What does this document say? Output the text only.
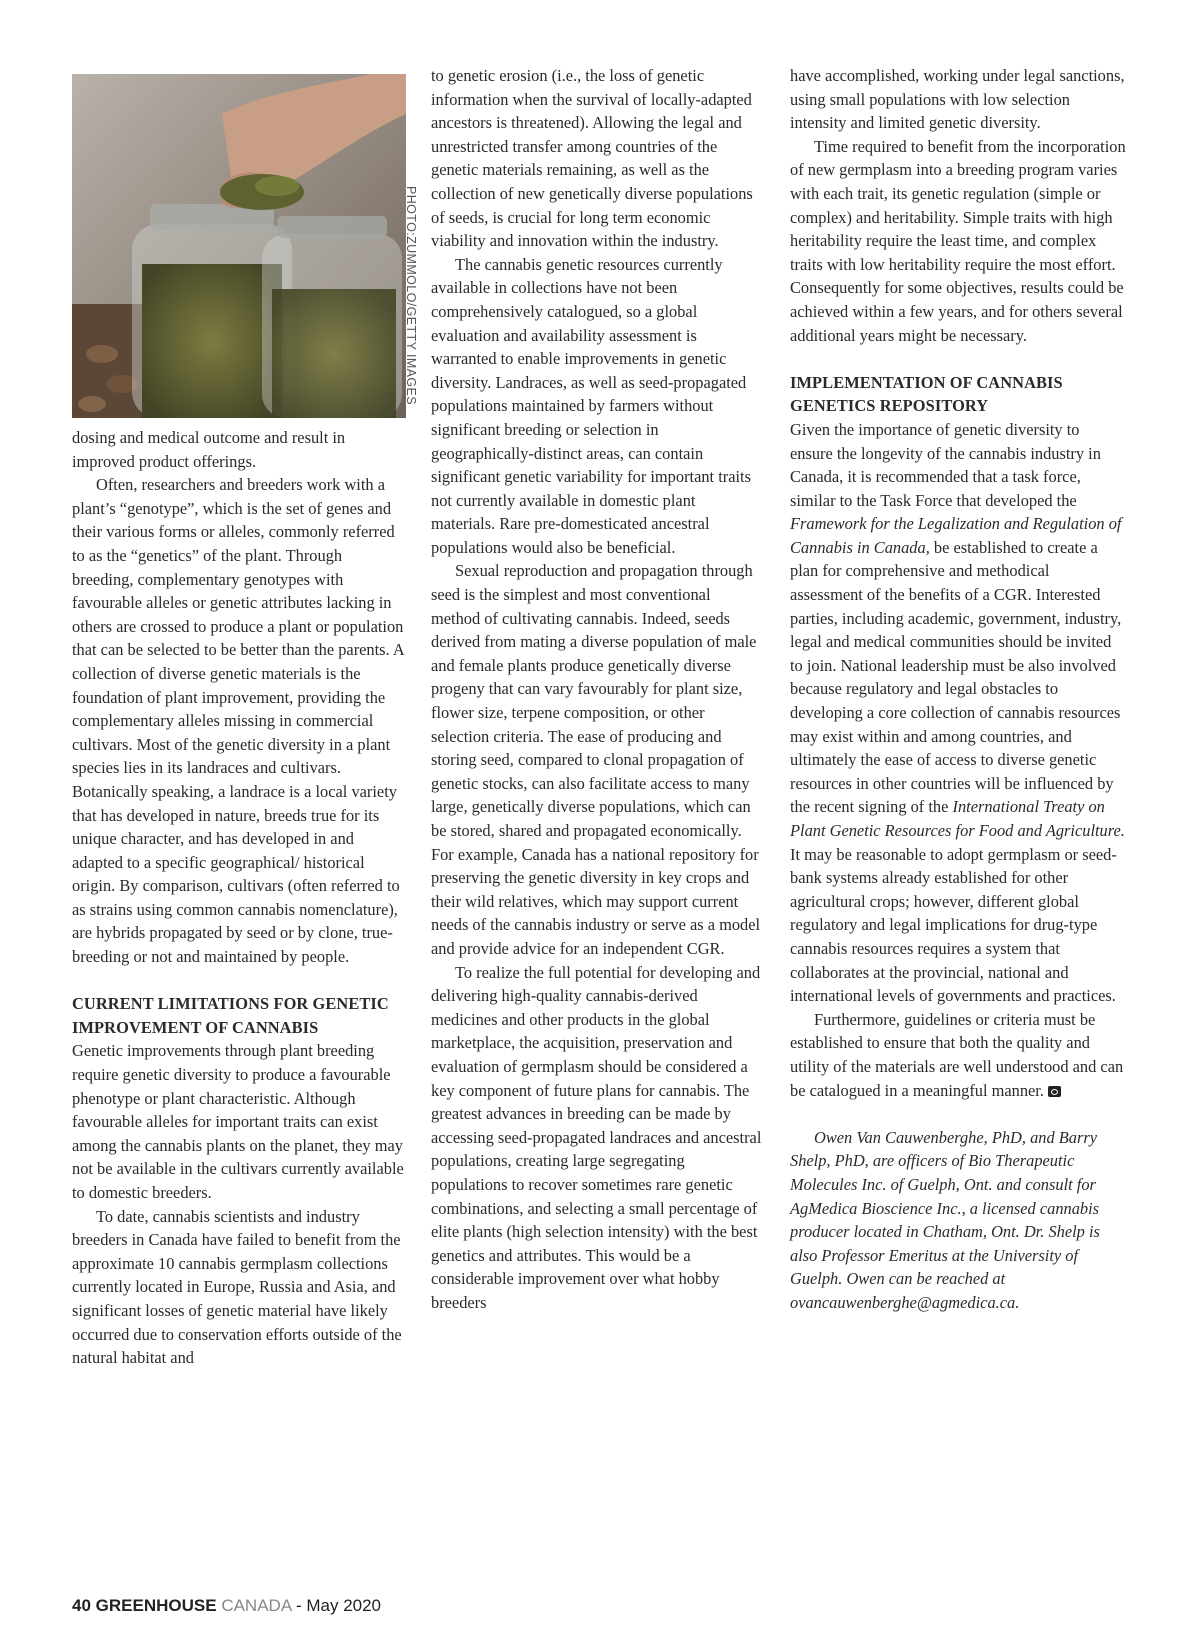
dosing and medical outcome and result in improved product offerings.

Often, researchers and breeders work with a plant’s “genotype”, which is the set of genes and their various forms or alleles, commonly referred to as the “genetics” of the plant. Through breeding, complementary genotypes with favourable alleles or genetic attributes lacking in others are crossed to produce a plant or population that can be selected to be better than the parents. A collection of diverse genetic materials is the foundation of plant improvement, providing the complementary alleles missing in commercial cultivars. Most of the genetic diversity in a plant species lies in its landraces and cultivars. Botanically speaking, a landrace is a local variety that has developed in nature, breeds true for its unique character, and has developed in and adapted to a specific geographical/ historical origin. By comparison, cultivars (often referred to as strains using common cannabis nomenclature), are hybrids propagated by seed or by clone, true-breeding or not and maintained by people.

CURRENT LIMITATIONS FOR GENETIC IMPROVEMENT OF CANNABIS

Genetic improvements through plant breeding require genetic diversity to produce a favourable phenotype or plant characteristic. Although favourable alleles for important traits can exist among the cannabis plants on the planet, they may not be available in the cultivars currently available to domestic breeders.

To date, cannabis scientists and industry breeders in Canada have failed to benefit from the approximate 10 cannabis germplasm collections currently located in Europe, Russia and Asia, and significant losses of genetic material have likely occurred due to conservation efforts outside of the natural habitat and

PHOTO:ZUMMOLO/GETTY IMAGES

to genetic erosion (i.e., the loss of genetic information when the survival of locally-adapted ancestors is threatened). Allowing the legal and unrestricted transfer among countries of the genetic materials remaining, as well as the collection of new genetically diverse populations of seeds, is crucial for long term economic viability and innovation within the industry.

The cannabis genetic resources currently available in collections have not been comprehensively catalogued, so a global evaluation and availability assessment is warranted to enable improvements in genetic diversity. Landraces, as well as seed-propagated populations maintained by farmers without significant breeding or selection in geographically-distinct areas, can contain significant genetic variability for important traits not currently available in domestic plant materials. Rare pre-domesticated ancestral populations would also be beneficial.

Sexual reproduction and propagation through seed is the simplest and most conventional method of cultivating cannabis. Indeed, seeds derived from mating a diverse population of male and female plants produce genetically diverse progeny that can vary favourably for plant size, flower size, terpene composition, or other selection criteria. The ease of producing and storing seed, compared to clonal propagation of genetic stocks, can also facilitate access to many large, genetically diverse populations, which can be stored, shared and propagated economically. For example, Canada has a national repository for preserving the genetic diversity in key crops and their wild relatives, which may support current needs of the cannabis industry or serve as a model and provide advice for an independent CGR.

To realize the full potential for developing and delivering high-quality cannabis-derived medicines and other products in the global marketplace, the acquisition, preservation and evaluation of germplasm should be considered a key component of future plans for cannabis. The greatest advances in breeding can be made by accessing seed-propagated landraces and ancestral populations, creating large segregating populations to recover sometimes rare genetic combinations, and selecting a small percentage of elite plants (high selection intensity) with the best genetics and attributes. This would be a considerable improvement over what hobby breeders

have accomplished, working under legal sanctions, using small populations with low selection intensity and limited genetic diversity.

Time required to benefit from the incorporation of new germplasm into a breeding program varies with each trait, its genetic regulation (simple or complex) and heritability. Simple traits with high heritability require the least time, and complex traits with low heritability require the most effort. Consequently for some objectives, results could be achieved within a few years, and for others several additional years might be necessary.

IMPLEMENTATION OF CANNABIS GENETICS REPOSITORY

Given the importance of genetic diversity to ensure the longevity of the cannabis industry in Canada, it is recommended that a task force, similar to the Task Force that developed the Framework for the Legalization and Regulation of Cannabis in Canada, be established to create a plan for comprehensive and methodical assessment of the benefits of a CGR. Interested parties, including academic, government, industry, legal and medical communities should be invited to join. National leadership must be also involved because regulatory and legal obstacles to developing a core collection of cannabis resources may exist within and among countries, and ultimately the ease of access to diverse genetic resources in other countries will be influenced by the recent signing of the International Treaty on Plant Genetic Resources for Food and Agriculture. It may be reasonable to adopt germplasm or seed-bank systems already established for other agricultural crops; however, different global regulatory and legal implications for drug-type cannabis resources requires a system that collaborates at the provincial, national and international levels of governments and practices.

Furthermore, guidelines or criteria must be established to ensure that both the quality and utility of the materials are well understood and can be catalogued in a meaningful manner.

Owen Van Cauwenberghe, PhD, and Barry Shelp, PhD, are officers of Bio Therapeutic Molecules Inc. of Guelph, Ont. and consult for AgMedica Bioscience Inc., a licensed cannabis producer located in Chatham, Ont. Dr. Shelp is also Professor Emeritus at the University of Guelph. Owen can be reached at ovancauwenberghe@agmedica.ca.

40 GREENHOUSE CANADA - May 2020
